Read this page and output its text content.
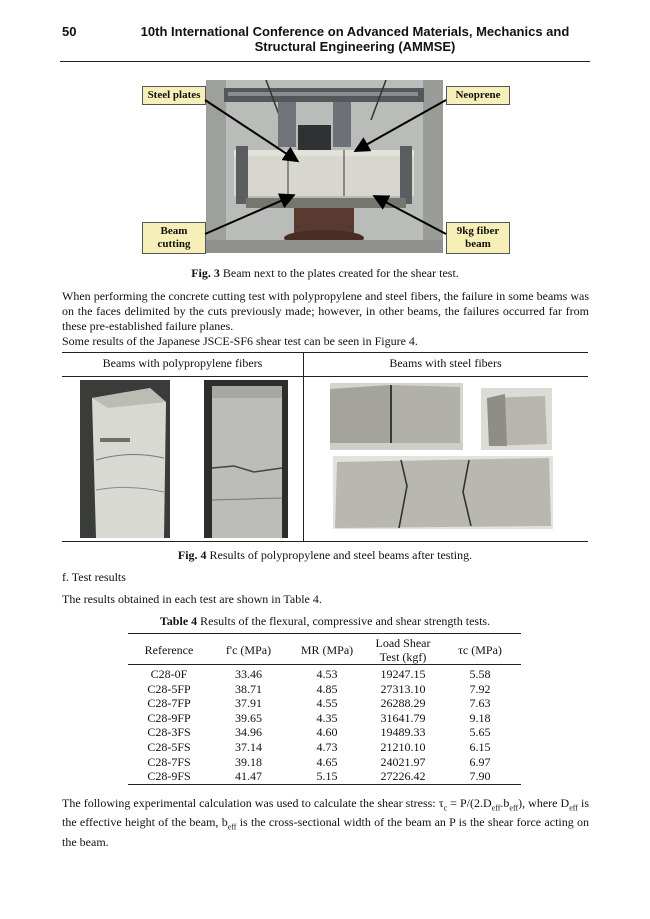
50	10th International Conference on Advanced Materials, Mechanics and Structural Engineering (AMMSE)
Steel plates	Neoprene
Beam cutting
9kg fiber beam
Fig. 3 Beam next to the plates created for the shear test.
When performing the concrete cutting test with polypropylene and steel fibers, the failure in some beams was on the faces delimited by the cuts previously made; however, in other beams, the failures occurred far from these pre-established failure planes.
Some results of the Japanese JSCE-SF6 shear test can be seen in Figure 4.
Beams with polypropylene fibers	Beams with steel fibers
Fig. 4 Results of polypropylene and steel beams after testing.
f. Test results
The results obtained in each test are shown in Table 4.
Table 4 Results of the flexural, compressive and shear strength tests.
Reference	f'c (MPa)	MR (MPa)	Load Shear Test (kgf)	τc (MPa)
C28-0F	33.46	4.53	19247.15	5.58
C28-5FP	38.71	4.85	27313.10	7.92
C28-7FP	37.91	4.55	26288.29	7.63
C28-9FP	39.65	4.35	31641.79	9.18
C28-3FS	34.96	4.60	19489.33	5.65
C28-5FS	37.14	4.73	21210.10	6.15
C28-7FS	39.18	4.65	24021.97	6.97
C28-9FS	41.47	5.15	27226.42	7.90
The following experimental calculation was used to calculate the shear stress: $\tau_c = P/(2.D_{eff}.b_{eff})$, where $D_{eff}$ is the effective height of the beam, $b_{eff}$ is the cross-sectional width of the beam an P is the shear force acting on the beam.
